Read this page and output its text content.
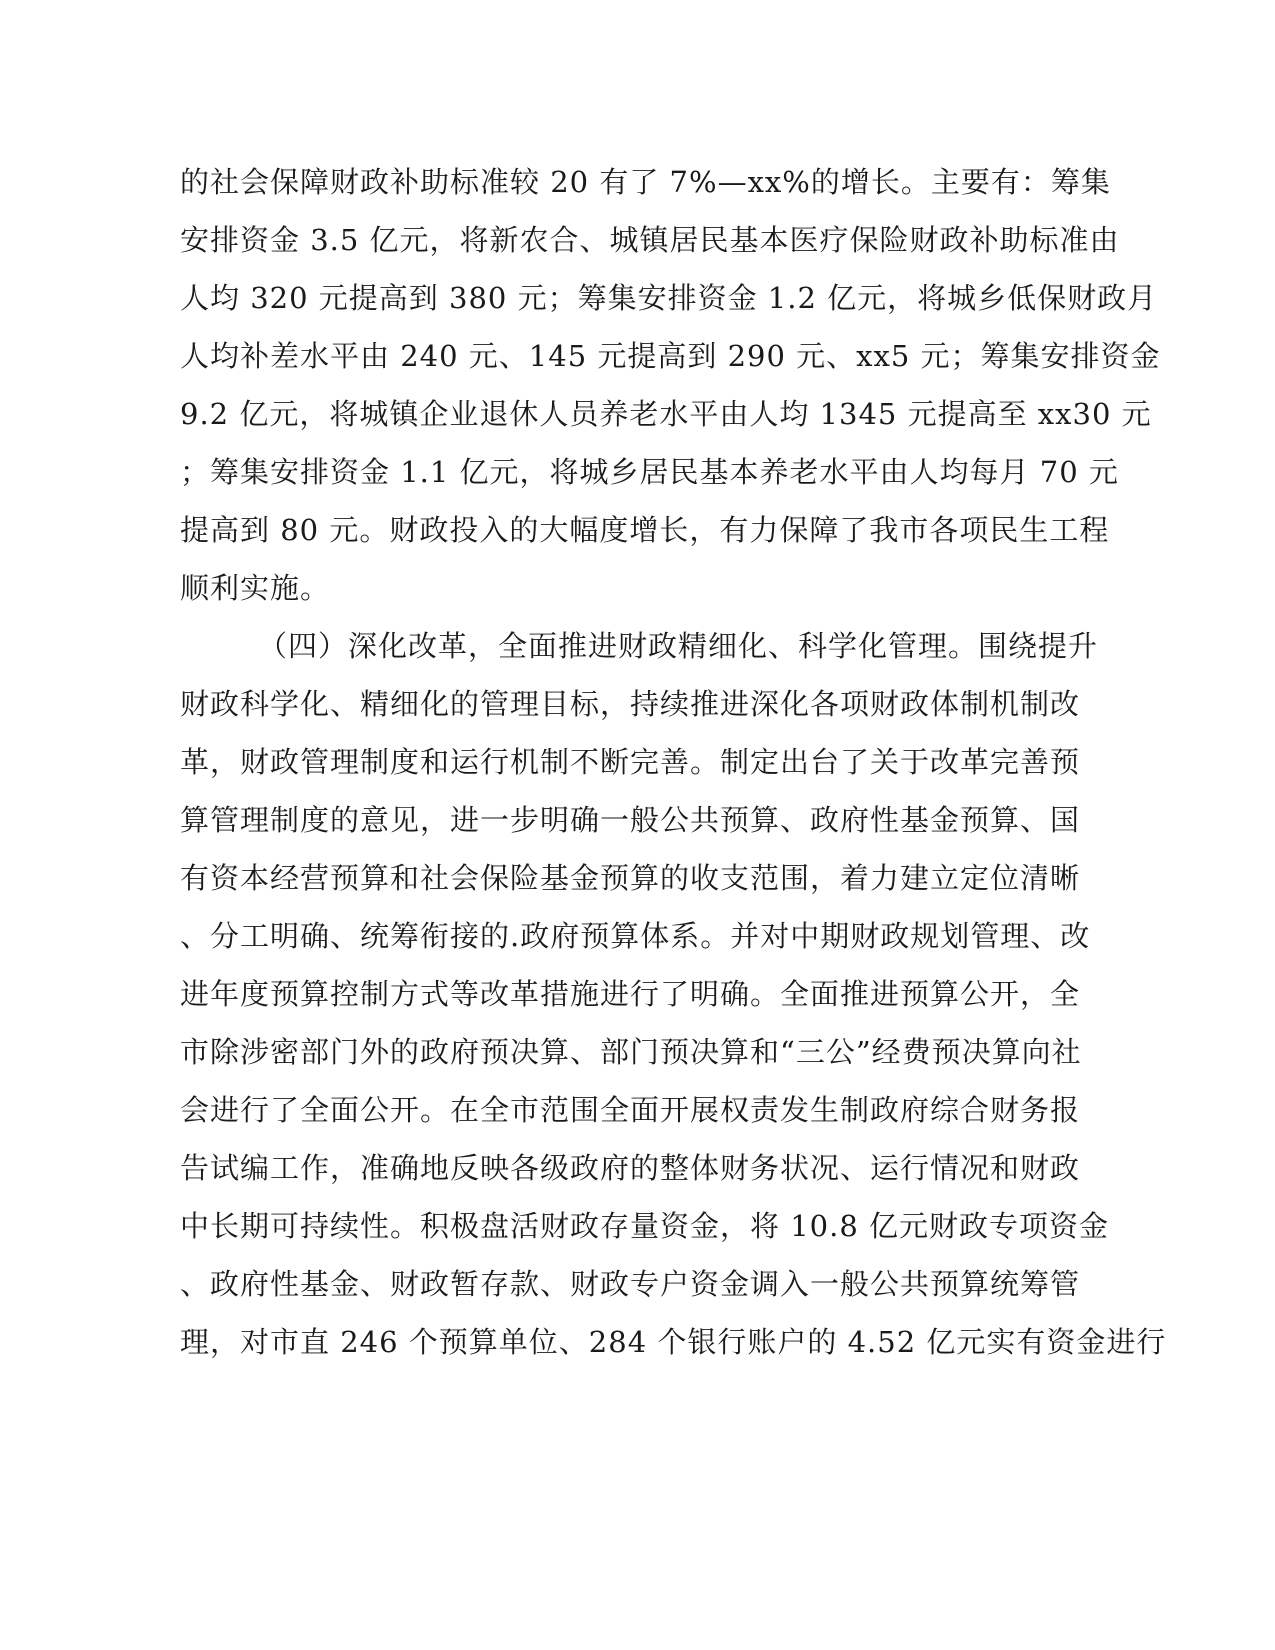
的社会保障财政补助标准较 20 有了 7%—xx%的增长。主要有：筹集
安排资金 3.5 亿元，将新农合、城镇居民基本医疗保险财政补助标准由
人均 320 元提高到 380 元；筹集安排资金 1.2 亿元，将城乡低保财政月
人均补差水平由 240 元、145 元提高到 290 元、xx5 元；筹集安排资金
9.2 亿元，将城镇企业退休人员养老水平由人均 1345 元提高至 xx30 元
；筹集安排资金 1.1 亿元，将城乡居民基本养老水平由人均每月 70 元
提高到 80 元。财政投入的大幅度增长，有力保障了我市各项民生工程
顺利实施。
（四）深化改革，全面推进财政精细化、科学化管理。围绕提升
财政科学化、精细化的管理目标，持续推进深化各项财政体制机制改
革，财政管理制度和运行机制不断完善。制定出台了关于改革完善预
算管理制度的意见，进一步明确一般公共预算、政府性基金预算、国
有资本经营预算和社会保险基金预算的收支范围，着力建立定位清晰
、分工明确、统筹衔接的.政府预算体系。并对中期财政规划管理、改
进年度预算控制方式等改革措施进行了明确。全面推进预算公开，全
市除涉密部门外的政府预决算、部门预决算和“三公”经费预决算向社
会进行了全面公开。在全市范围全面开展权责发生制政府综合财务报
告试编工作，准确地反映各级政府的整体财务状况、运行情况和财政
中长期可持续性。积极盘活财政存量资金，将 10.8 亿元财政专项资金
、政府性基金、财政暂存款、财政专户资金调入一般公共预算统筹管
理，对市直 246 个预算单位、284 个银行账户的 4.52 亿元实有资金进行
